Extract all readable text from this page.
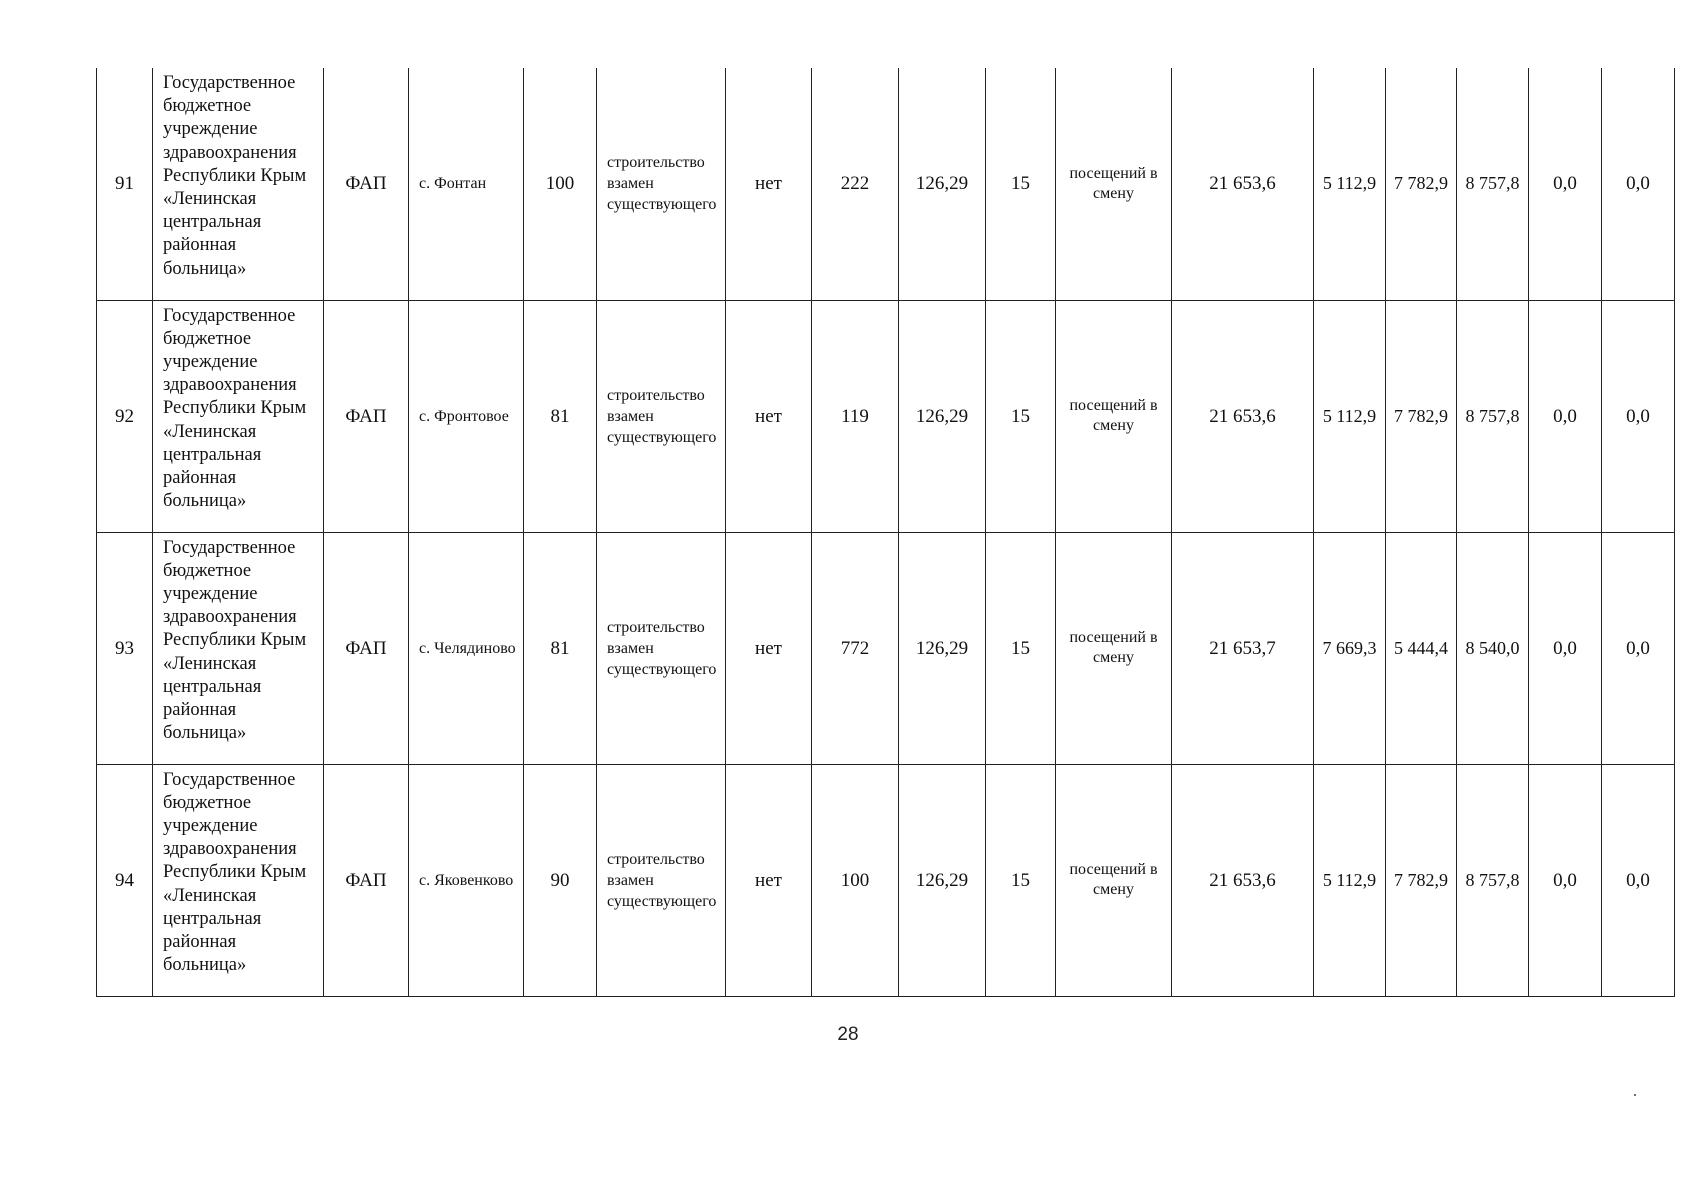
91	Государственное бюджетное учреждение здравоохранения Республики Крым «Ленинская центральная районная больница»	ФАП	с. Фонтан	100	строительство взамен существующего	нет	222	126,29	15	посещений в смену	21 653,6	5 112,9	7 782,9	8 757,8	0,0	0,0
92	Государственное бюджетное учреждение здравоохранения Республики Крым «Ленинская центральная районная больница»	ФАП	с. Фронтовое	81	строительство взамен существующего	нет	119	126,29	15	посещений в смену	21 653,6	5 112,9	7 782,9	8 757,8	0,0	0,0
93	Государственное бюджетное учреждение здравоохранения Республики Крым «Ленинская центральная районная больница»	ФАП	с. Челядиново	81	строительство взамен существующего	нет	772	126,29	15	посещений в смену	21 653,7	7 669,3	5 444,4	8 540,0	0,0	0,0
94	Государственное бюджетное учреждение здравоохранения Республики Крым «Ленинская центральная районная больница»	ФАП	с. Яковенково	90	строительство взамен существующего	нет	100	126,29	15	посещений в смену	21 653,6	5 112,9	7 782,9	8 757,8	0,0	0,0
28
